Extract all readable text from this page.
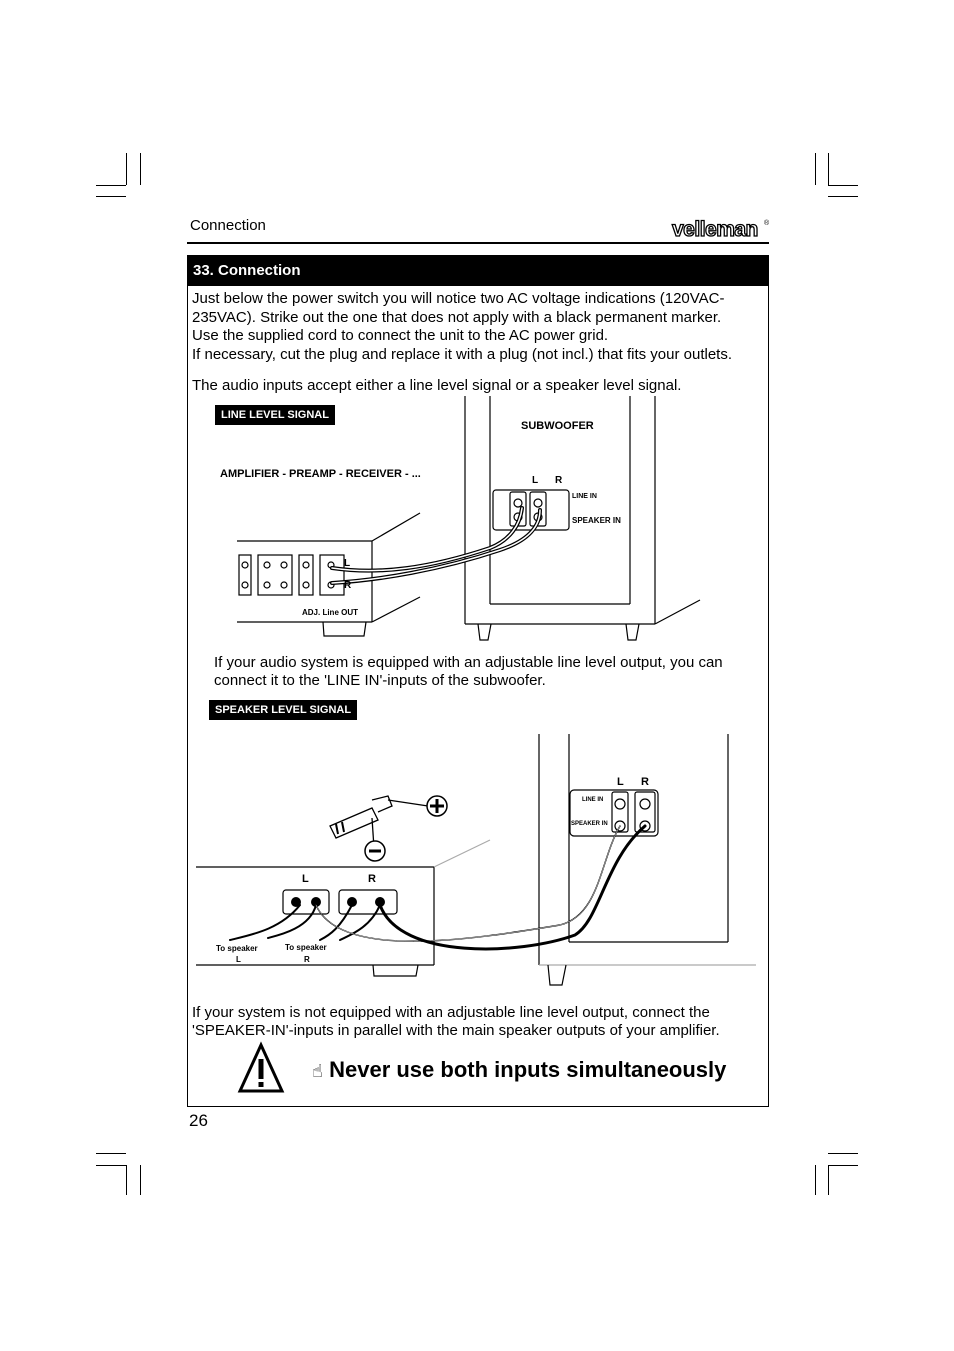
Connection	velleman ®
33. Connection
Just below the power switch you will notice two AC voltage indications (120VAC-
235VAC). Strike out the one that does not apply with a black permanent marker.
Use the supplied cord to connect the unit to the AC power grid.
If necessary, cut the plug and replace it with a plug (not incl.) that fits your outlets.
The audio inputs accept either a line level signal or a speaker level signal.
LINE LEVEL SIGNAL
SUBWOOFER
AMPLIFIER - PREAMP - RECEIVER - ...
L R
LINE IN
SPEAKER IN
L
R
ADJ. Line OUT
If your audio system is equipped with an adjustable line level output, you can
connect it to the 'LINE IN'-inputs of the subwoofer.
SPEAKER LEVEL SIGNAL
L R
LINE IN
SPEAKER IN
L	R
To speaker
L
To speaker
R
If your system is not equipped with an adjustable line level output, connect the
'SPEAKER-IN'-inputs in parallel with the main speaker outputs of your amplifier.
☝ Never use both inputs simultaneously
26
